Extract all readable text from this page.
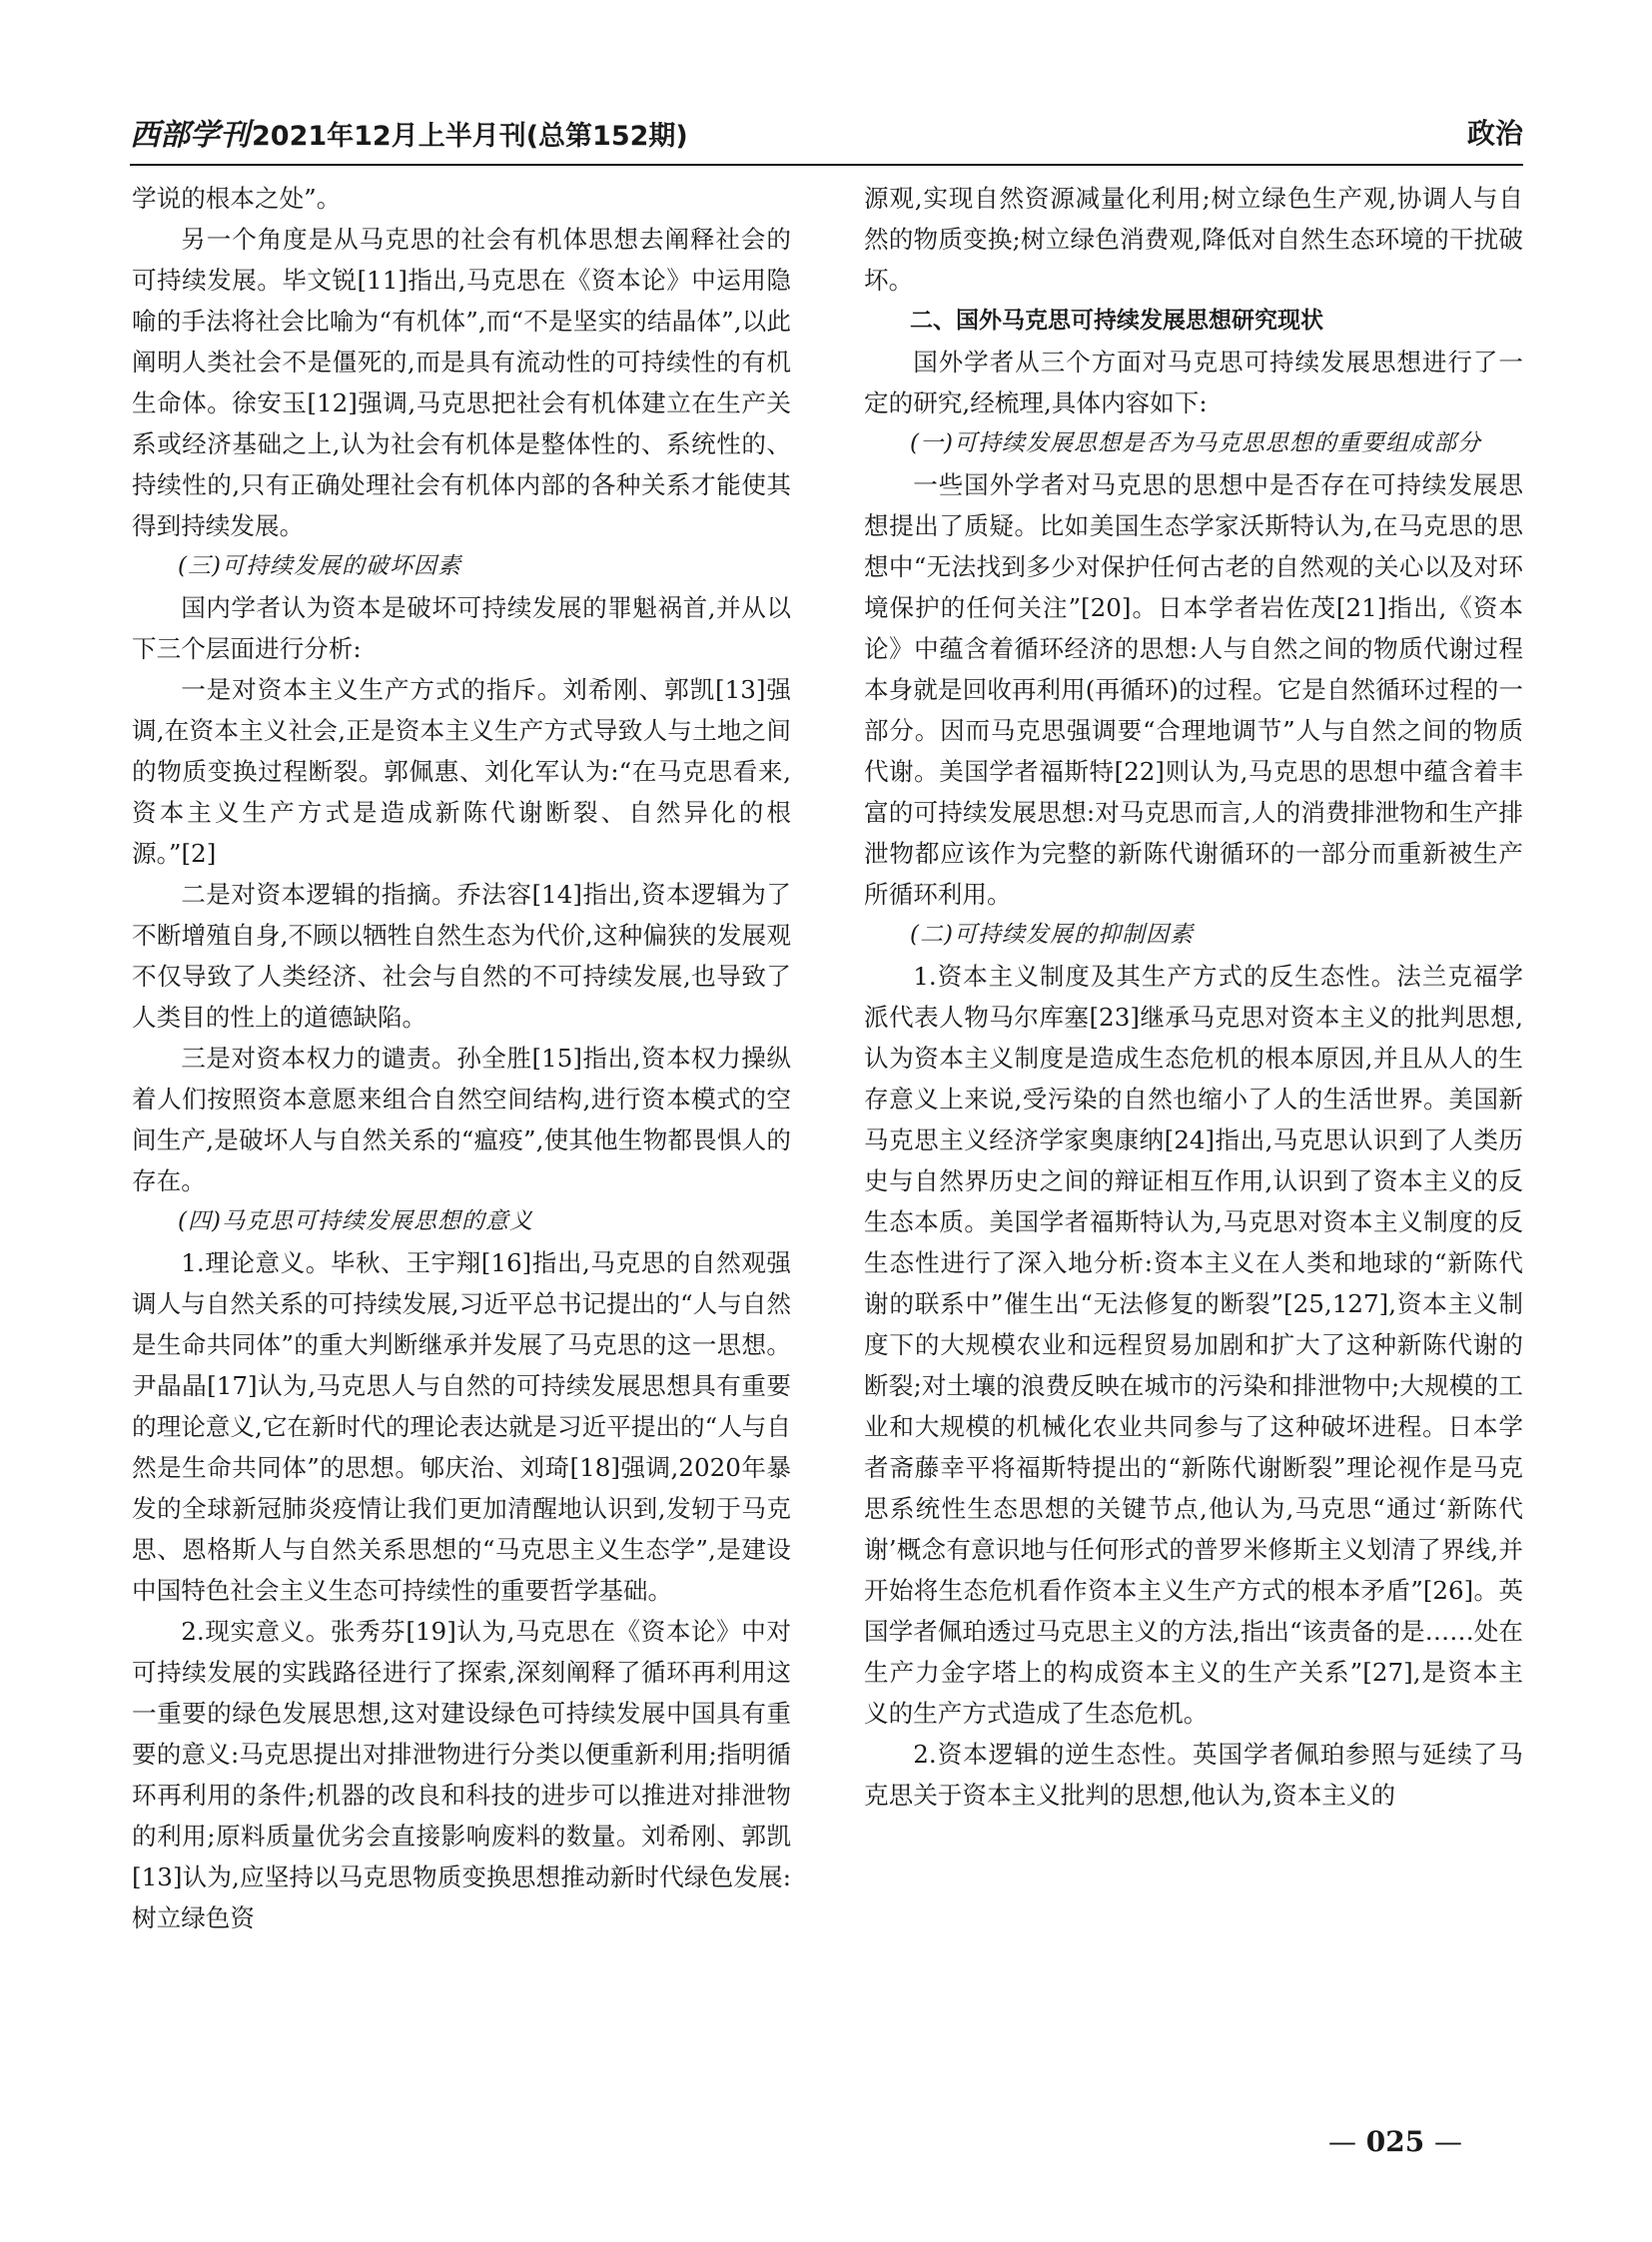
西部学刊2021年12月上半月刊(总第152期)	政治

学说的根本之处”。

另一个角度是从马克思的社会有机体思想去阐释社会的可持续发展。毕文锐[11]指出,马克思在《资本论》中运用隐喻的手法将社会比喻为“有机体”,而“不是坚实的结晶体”,以此阐明人类社会不是僵死的,而是具有流动性的可持续性的有机生命体。徐安玉[12]强调,马克思把社会有机体建立在生产关系或经济基础之上,认为社会有机体是整体性的、系统性的、持续性的,只有正确处理社会有机体内部的各种关系才能使其得到持续发展。

(三)可持续发展的破坏因素

国内学者认为资本是破坏可持续发展的罪魁祸首,并从以下三个层面进行分析:

一是对资本主义生产方式的指斥。刘希刚、郭凯[13]强调,在资本主义社会,正是资本主义生产方式导致人与土地之间的物质变换过程断裂。郭佩惠、刘化军认为:“在马克思看来,资本主义生产方式是造成新陈代谢断裂、自然异化的根源。”[2]

二是对资本逻辑的指摘。乔法容[14]指出,资本逻辑为了不断增殖自身,不顾以牺牲自然生态为代价,这种偏狭的发展观不仅导致了人类经济、社会与自然的不可持续发展,也导致了人类目的性上的道德缺陷。

三是对资本权力的谴责。孙全胜[15]指出,资本权力操纵着人们按照资本意愿来组合自然空间结构,进行资本模式的空间生产,是破坏人与自然关系的“瘟疫”,使其他生物都畏惧人的存在。

(四)马克思可持续发展思想的意义

1.理论意义。毕秋、王宇翔[16]指出,马克思的自然观强调人与自然关系的可持续发展,习近平总书记提出的“人与自然是生命共同体”的重大判断继承并发展了马克思的这一思想。尹晶晶[17]认为,马克思人与自然的可持续发展思想具有重要的理论意义,它在新时代的理论表达就是习近平提出的“人与自然是生命共同体”的思想。郇庆治、刘琦[18]强调,2020年暴发的全球新冠肺炎疫情让我们更加清醒地认识到,发轫于马克思、恩格斯人与自然关系思想的“马克思主义生态学”,是建设中国特色社会主义生态可持续性的重要哲学基础。

2.现实意义。张秀芬[19]认为,马克思在《资本论》中对可持续发展的实践路径进行了探索,深刻阐释了循环再利用这一重要的绿色发展思想,这对建设绿色可持续发展中国具有重要的意义:马克思提出对排泄物进行分类以便重新利用;指明循环再利用的条件;机器的改良和科技的进步可以推进对排泄物的利用;原料质量优劣会直接影响废料的数量。刘希刚、郭凯[13]认为,应坚持以马克思物质变换思想推动新时代绿色发展:树立绿色资

源观,实现自然资源减量化利用;树立绿色生产观,协调人与自然的物质变换;树立绿色消费观,降低对自然生态环境的干扰破坏。

二、国外马克思可持续发展思想研究现状

国外学者从三个方面对马克思可持续发展思想进行了一定的研究,经梳理,具体内容如下:

(一)可持续发展思想是否为马克思思想的重要组成部分

一些国外学者对马克思的思想中是否存在可持续发展思想提出了质疑。比如美国生态学家沃斯特认为,在马克思的思想中“无法找到多少对保护任何古老的自然观的关心以及对环境保护的任何关注”[20]。日本学者岩佐茂[21]指出,《资本论》中蕴含着循环经济的思想:人与自然之间的物质代谢过程本身就是回收再利用(再循环)的过程。它是自然循环过程的一部分。因而马克思强调要“合理地调节”人与自然之间的物质代谢。美国学者福斯特[22]则认为,马克思的思想中蕴含着丰富的可持续发展思想:对马克思而言,人的消费排泄物和生产排泄物都应该作为完整的新陈代谢循环的一部分而重新被生产所循环利用。

(二)可持续发展的抑制因素

1.资本主义制度及其生产方式的反生态性。法兰克福学派代表人物马尔库塞[23]继承马克思对资本主义的批判思想,认为资本主义制度是造成生态危机的根本原因,并且从人的生存意义上来说,受污染的自然也缩小了人的生活世界。美国新马克思主义经济学家奥康纳[24]指出,马克思认识到了人类历史与自然界历史之间的辩证相互作用,认识到了资本主义的反生态本质。美国学者福斯特认为,马克思对资本主义制度的反生态性进行了深入地分析:资本主义在人类和地球的“新陈代谢的联系中”催生出“无法修复的断裂”[25,127],资本主义制度下的大规模农业和远程贸易加剧和扩大了这种新陈代谢的断裂;对土壤的浪费反映在城市的污染和排泄物中;大规模的工业和大规模的机械化农业共同参与了这种破坏进程。日本学者斋藤幸平将福斯特提出的“新陈代谢断裂”理论视作是马克思系统性生态思想的关键节点,他认为,马克思“通过‘新陈代谢’概念有意识地与任何形式的普罗米修斯主义划清了界线,并开始将生态危机看作资本主义生产方式的根本矛盾”[26]。英国学者佩珀透过马克思主义的方法,指出“该责备的是……处在生产力金字塔上的构成资本主义的生产关系”[27],是资本主义的生产方式造成了生态危机。

2.资本逻辑的逆生态性。英国学者佩珀参照与延续了马克思关于资本主义批判的思想,他认为,资本主义的

— 025 —
